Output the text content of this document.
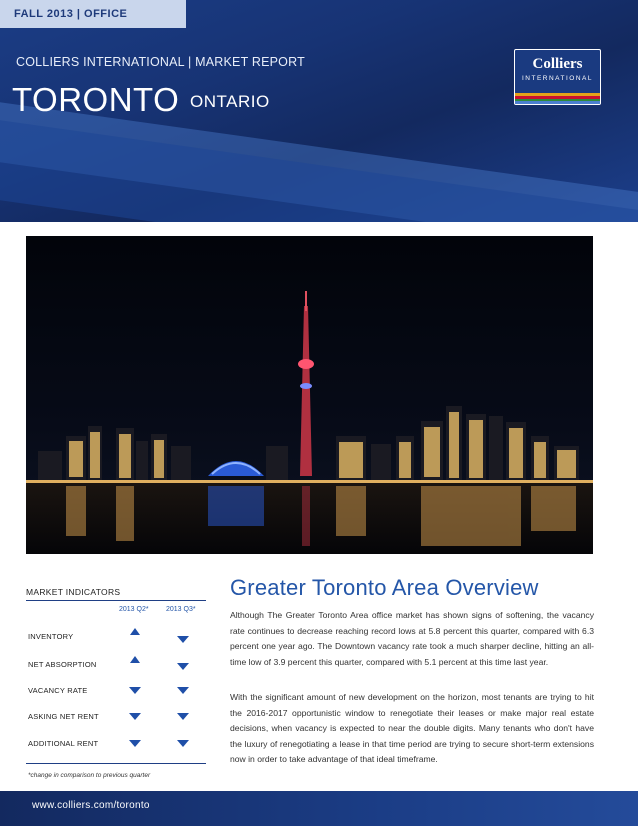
FALL 2013 | OFFICE
COLLIERS INTERNATIONAL | MARKET REPORT
TORONTO ONTARIO
Colliers
INTERNATIONAL
MARKET INDICATORS
2013 Q2* 2013 Q3*
INVENTORY
NET ABSORPTION
VACANCY RATE
ASKING NET RENT
ADDITIONAL RENT
*change in comparison to previous quarter
Greater Toronto Area Overview

Although The Greater Toronto Area office market has shown signs of softening, the vacancy rate continues to decrease reaching record lows at 5.8 percent this quarter, compared with 6.3 percent one year ago. The Downtown vacancy rate took a much sharper decline, hitting an all-time low of 3.9 percent this quarter, compared with 5.1 percent at this time last year.

With the significant amount of new development on the horizon, most tenants are trying to hit the 2016-2017 opportunistic window to renegotiate their leases or make major real estate decisions, when vacancy is expected to near the double digits. Many tenants who don't have the luxury of renegotiating a lease in that time period are trying to secure short-term extensions now in order to take advantage of that ideal timeframe.

www.colliers.com/toronto
